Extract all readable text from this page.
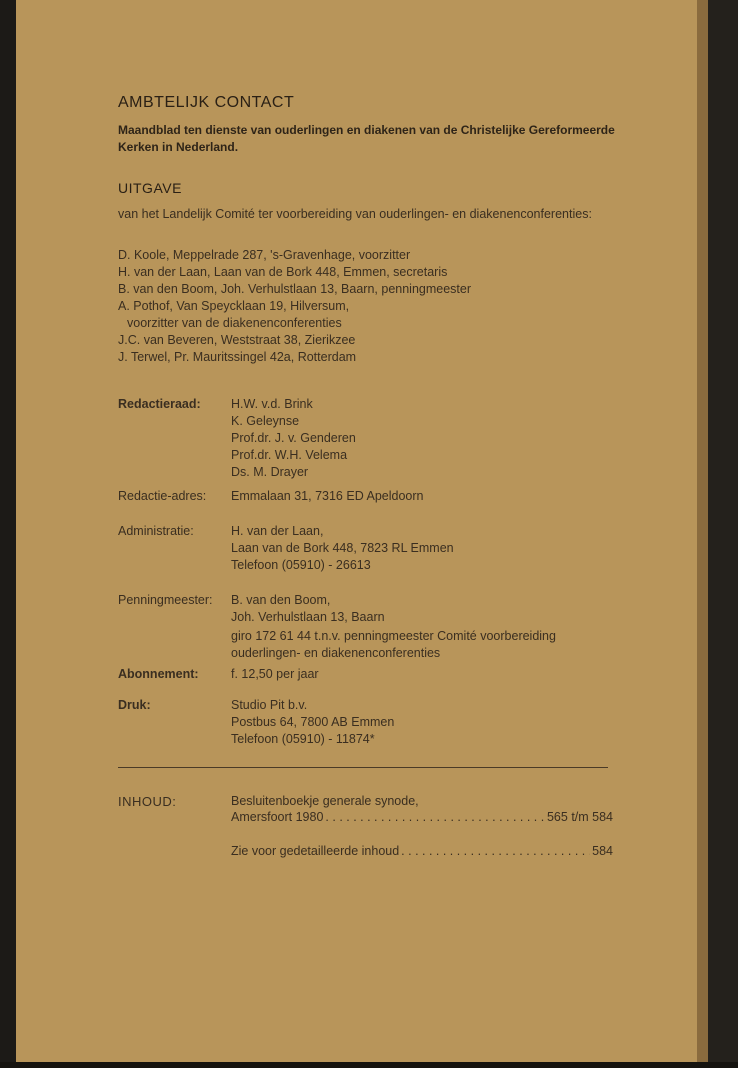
AMBTELIJK CONTACT
Maandblad ten dienste van ouderlingen en diakenen van de Christelijke Gereformeerde Kerken in Nederland.
UITGAVE
van het Landelijk Comité ter voorbereiding van ouderlingen- en diakenenconferenties:
D. Koole, Meppelrade 287, 's-Gravenhage, voorzitter
H. van der Laan, Laan van de Bork 448, Emmen, secretaris
B. van den Boom, Joh. Verhulstlaan 13, Baarn, penningmeester
A. Pothof, Van Speycklaan 19, Hilversum,
voorzitter van de diakenenconferenties
J.C. van Beveren, Weststraat 38, Zierikzee
J. Terwel, Pr. Mauritssingel 42a, Rotterdam
Redactieraad: H.W. v.d. Brink
K. Geleynse
Prof.dr. J. v. Genderen
Prof.dr. W.H. Velema
Ds. M. Drayer
Redactie-adres: Emmalaan 31, 7316 ED Apeldoorn
Administratie:	H. van der Laan,
Laan van de Bork 448, 7823 RL Emmen
Telefoon (05910) - 26613
Penningmeester: B. van den Boom,
Joh. Verhulstlaan 13, Baarn
giro 172 61 44 t.n.v. penningmeester Comité voorbereiding
ouderlingen- en diakenenconferenties
Abonnement:	f. 12,50 per jaar
Druk:	Studio Pit b.v.
Postbus 64, 7800 AB Emmen
Telefoon (05910) - 11874*
INHOUD:	Besluitenboekje generale synode,
Amersfoort 1980 . . .	565 t/m 584
Zie voor gedetailleerde inhoud . . .	584
